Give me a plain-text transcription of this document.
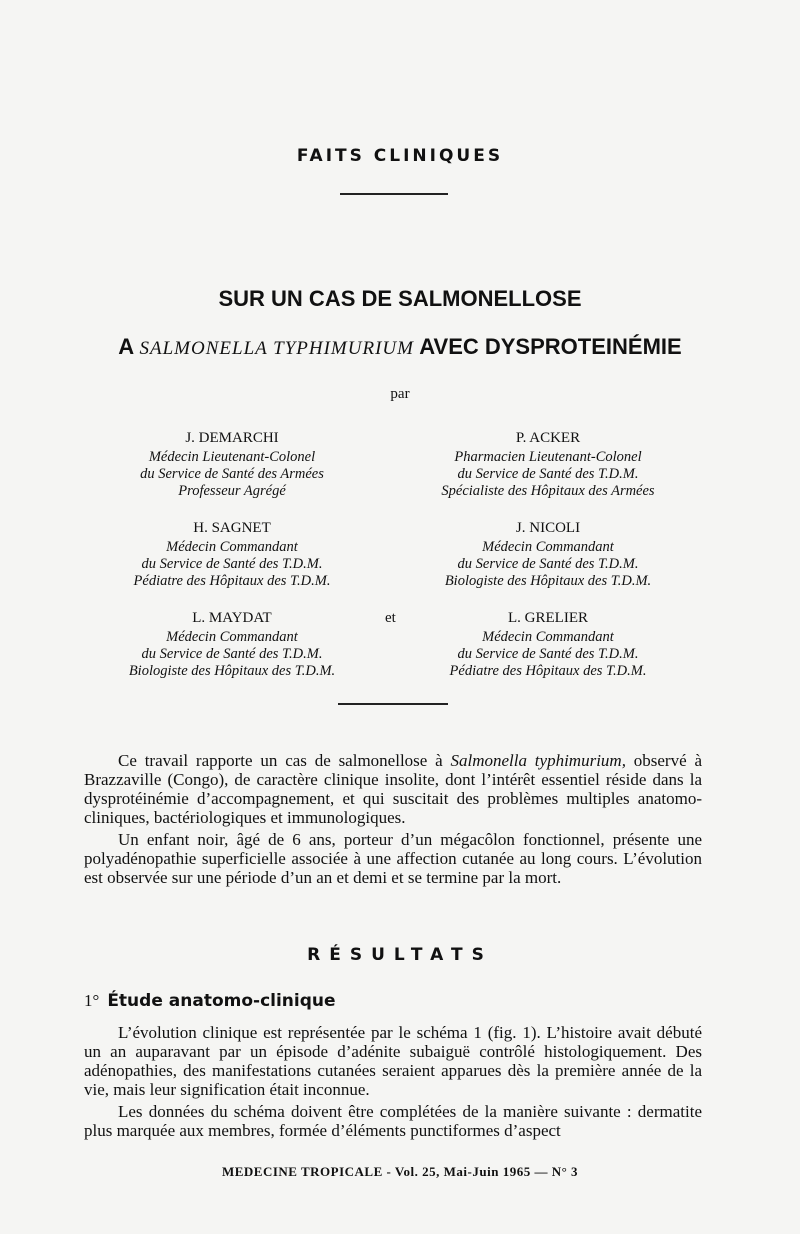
FAITS CLINIQUES
SUR UN CAS DE SALMONELLOSE
A SALMONELLA TYPHIMURIUM AVEC DYSPROTEINÉMIE
par
J. DEMARCHI
Médecin Lieutenant-Colonel
du Service de Santé des Armées
Professeur Agrégé
P. ACKER
Pharmacien Lieutenant-Colonel
du Service de Santé des T.D.M.
Spécialiste des Hôpitaux des Armées
H. SAGNET
Médecin Commandant
du Service de Santé des T.D.M.
Pédiatre des Hôpitaux des T.D.M.
J. NICOLI
Médecin Commandant
du Service de Santé des T.D.M.
Biologiste des Hôpitaux des T.D.M.
L. MAYDAT
Médecin Commandant
du Service de Santé des T.D.M.
Biologiste des Hôpitaux des T.D.M.
et	L. GRELIER
Médecin Commandant
du Service de Santé des T.D.M.
Pédiatre des Hôpitaux des T.D.M.

Ce travail rapporte un cas de salmonellose à Salmonella typhimurium, observé à Brazzaville (Congo), de caractère clinique insolite, dont l’intérêt essentiel réside dans la dysprotéinémie d’accompagnement, et qui suscitait des problèmes multiples anatomo-cliniques, bactériologiques et immunologiques.

Un enfant noir, âgé de 6 ans, porteur d’un mégacôlon fonctionnel, présente une polyadénopathie superficielle associée à une affection cutanée au long cours. L’évolution est observée sur une période d’un an et demi et se termine par la mort.

RÉSULTATS
1° Étude anatomo-clinique

L’évolution clinique est représentée par le schéma 1 (fig. 1). L’histoire avait débuté un an auparavant par un épisode d’adénite subaiguë contrôlé histologiquement. Des adénopathies, des manifestations cutanées seraient apparues dès la première année de la vie, mais leur signification était inconnue.

Les données du schéma doivent être complétées de la manière suivante : dermatite plus marquée aux membres, formée d’éléments punctiformes d’aspect

MEDECINE TROPICALE - Vol. 25, Mai-Juin 1965 — N° 3
